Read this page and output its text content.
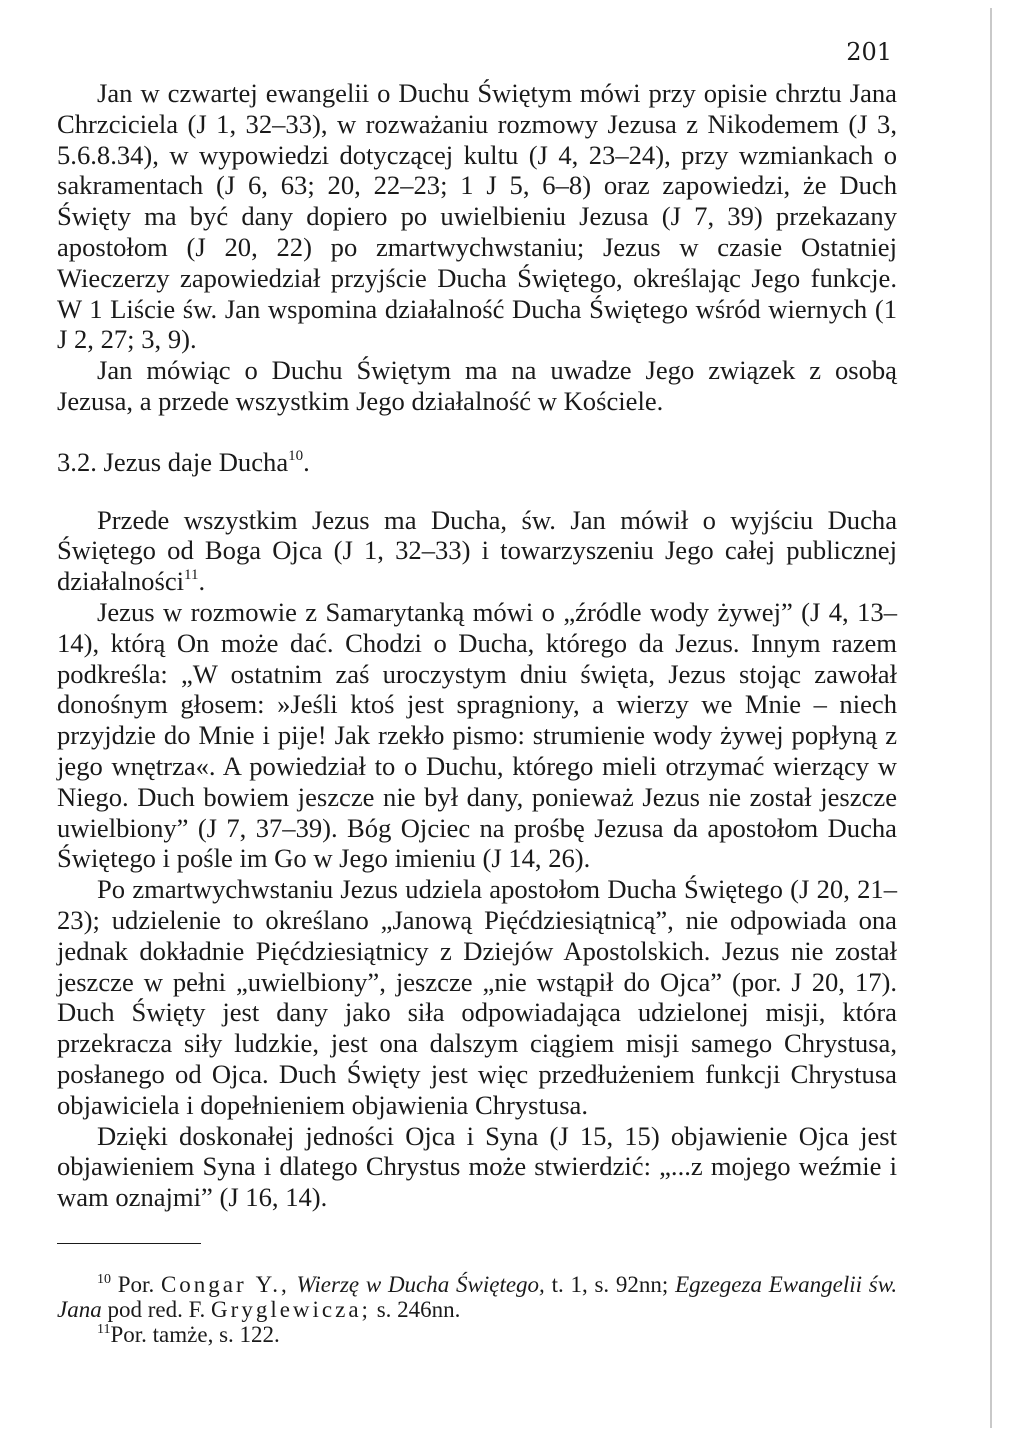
201

Jan w czwartej ewangelii o Duchu Świętym mówi przy opisie chrztu Jana Chrzciciela (J 1, 32–33), w rozważaniu rozmowy Jezusa z Nikodemem (J 3, 5.6.8.34), w wypowiedzi dotyczącej kultu (J 4, 23–24), przy wzmiankach o sakramentach (J 6, 63; 20, 22–23; 1 J 5, 6–8) oraz zapowiedzi, że Duch Święty ma być dany dopiero po uwielbieniu Jezusa (J 7, 39) przekazany apostołom (J 20, 22) po zmartwychwstaniu; Jezus w czasie Ostatniej Wieczerzy zapowiedział przyjście Ducha Świętego, określając Jego funkcje. W 1 Liście św. Jan wspomina działalność Ducha Świętego wśród wiernych (1 J 2, 27; 3, 9).

Jan mówiąc o Duchu Świętym ma na uwadze Jego związek z osobą Jezusa, a przede wszystkim Jego działalność w Kościele.

3.2. Jezus daje Ducha$^{10}$.

Przede wszystkim Jezus ma Ducha, św. Jan mówił o wyjściu Ducha Świętego od Boga Ojca (J 1, 32–33) i towarzyszeniu Jego całej publicznej działalności$^{11}$.

Jezus w rozmowie z Samarytanką mówi o „źródle wody żywej” (J 4, 13–14), którą On może dać. Chodzi o Ducha, którego da Jezus. Innym razem podkreśla: „W ostatnim zaś uroczystym dniu święta, Jezus stojąc zawołał donośnym głosem: »Jeśli ktoś jest spragniony, a wierzy we Mnie – niech przyjdzie do Mnie i pije! Jak rzekło pismo: strumienie wody żywej popłyną z jego wnętrza«. A powiedział to o Duchu, którego mieli otrzymać wierzący w Niego. Duch bowiem jeszcze nie był dany, ponieważ Jezus nie został jeszcze uwielbiony” (J 7, 37–39). Bóg Ojciec na prośbę Jezusa da apostołom Ducha Świętego i pośle im Go w Jego imieniu (J 14, 26).

Po zmartwychwstaniu Jezus udziela apostołom Ducha Świętego (J 20, 21–23); udzielenie to określano „Janową Pięćdziesiątnicą”, nie odpowiada ona jednak dokładnie Pięćdziesiątnicy z Dziejów Apostolskich. Jezus nie został jeszcze w pełni „uwielbiony”, jeszcze „nie wstąpił do Ojca” (por. J 20, 17). Duch Święty jest dany jako siła odpowiadająca udzielonej misji, która przekracza siły ludzkie, jest ona dalszym ciągiem misji samego Chrystusa, posłanego od Ojca. Duch Święty jest więc przedłużeniem funkcji Chrystusa objawiciela i dopełnieniem objawienia Chrystusa.

Dzięki doskonałej jedności Ojca i Syna (J 15, 15) objawienie Ojca jest objawieniem Syna i dlatego Chrystus może stwierdzić: „...z mojego weźmie i wam oznajmi” (J 16, 14).

$^{10}$ Por. Congar Y., Wierzę w Ducha Świętego, t. 1, s. 92nn; Egzegeza Ewangelii św. Jana pod red. F. Gryglewicza; s. 246nn.

$^{11}$Por. tamże, s. 122.
